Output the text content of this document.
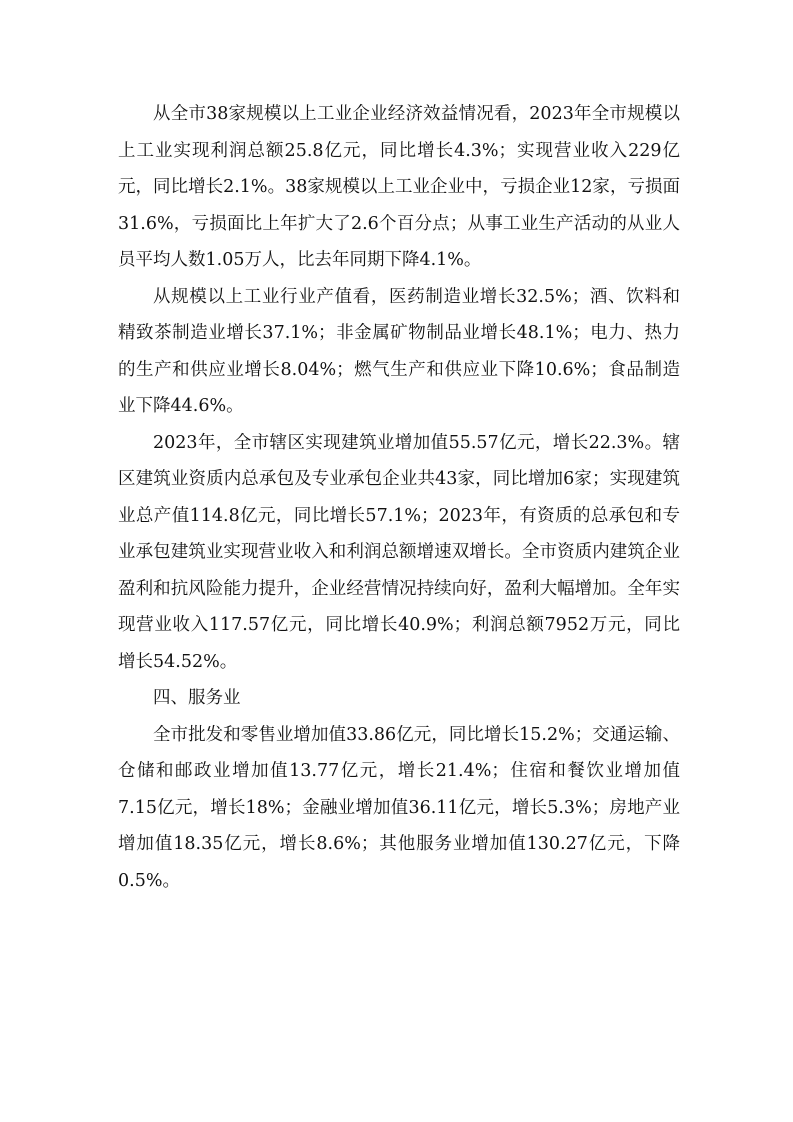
从全市38家规模以上工业企业经济效益情况看，2023年全市规模以上工业实现利润总额25.8亿元，同比增长4.3%；实现营业收入229亿元，同比增长2.1%。38家规模以上工业企业中，亏损企业12家，亏损面31.6%，亏损面比上年扩大了2.6个百分点；从事工业生产活动的从业人员平均人数1.05万人，比去年同期下降4.1%。

从规模以上工业行业产值看，医药制造业增长32.5%；酒、饮料和精致茶制造业增长37.1%；非金属矿物制品业增长48.1%；电力、热力的生产和供应业增长8.04%；燃气生产和供应业下降10.6%；食品制造业下降44.6%。

2023年，全市辖区实现建筑业增加值55.57亿元，增长22.3%。辖区建筑业资质内总承包及专业承包企业共43家，同比增加6家；实现建筑业总产值114.8亿元，同比增长57.1%；2023年，有资质的总承包和专业承包建筑业实现营业收入和利润总额增速双增长。全市资质内建筑企业盈利和抗风险能力提升，企业经营情况持续向好，盈利大幅增加。全年实现营业收入117.57亿元，同比增长40.9%；利润总额7952万元，同比增长54.52%。

四、服务业

全市批发和零售业增加值33.86亿元，同比增长15.2%；交通运输、仓储和邮政业增加值13.77亿元，增长21.4%；住宿和餐饮业增加值7.15亿元，增长18%；金融业增加值36.11亿元，增长5.3%；房地产业增加值18.35亿元，增长8.6%；其他服务业增加值130.27亿元，下降0.5%。
